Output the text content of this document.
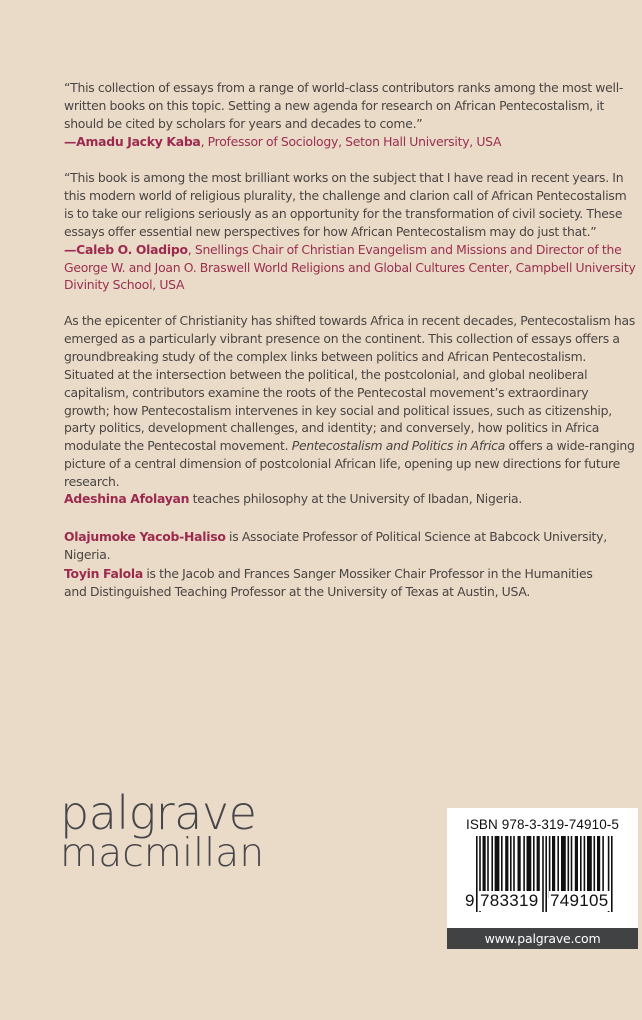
“This collection of essays from a range of world-class contributors ranks among the most well-written books on this topic. Setting a new agenda for research on African Pentecostalism, it should be cited by scholars for years and decades to come.”

—Amadu Jacky Kaba, Professor of Sociology, Seton Hall University, USA

“This book is among the most brilliant works on the subject that I have read in recent years. In this modern world of religious plurality, the challenge and clarion call of African Pentecostalism is to take our religions seriously as an opportunity for the transformation of civil society. These essays offer essential new perspectives for how African Pentecostalism may do just that.”

—Caleb O. Oladipo, Snellings Chair of Christian Evangelism and Missions and Director of the George W. and Joan O. Braswell World Religions and Global Cultures Center, Campbell University Divinity School, USA

As the epicenter of Christianity has shifted towards Africa in recent decades, Pentecostalism has emerged as a particularly vibrant presence on the continent. This collection of essays offers a groundbreaking study of the complex links between politics and African Pentecostalism. Situated at the intersection between the political, the postcolonial, and global neoliberal capitalism, contributors examine the roots of the Pentecostal movement’s extraordinary growth; how Pentecostalism intervenes in key social and political issues, such as citizenship, party politics, development challenges, and identity; and conversely, how politics in Africa modulate the Pentecostal movement. Pentecostalism and Politics in Africa offers a wide-ranging picture of a central dimension of postcolonial African life, opening up new directions for future research.

Adeshina Afolayan teaches philosophy at the University of Ibadan, Nigeria.

Olajumoke Yacob-Haliso is Associate Professor of Political Science at Babcock University, Nigeria.

Toyin Falola is the Jacob and Frances Sanger Mossiker Chair Professor in the Humanities
and Distinguished Teaching Professor at the University of Texas at Austin, USA.

palgrave
macmillan
ISBN 978-3-319-74910-5
9 783319 749105
www.palgrave.com
